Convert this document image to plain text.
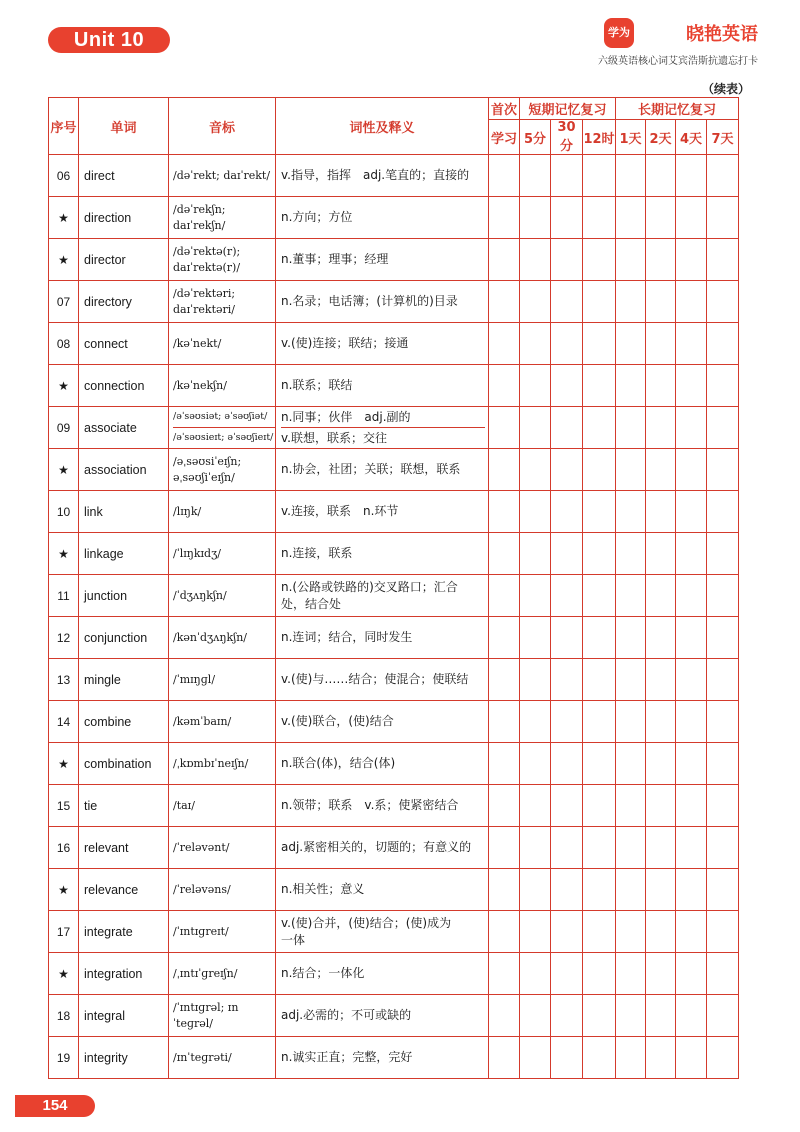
Unit 10	学为	晓艳英语
六级英语核心词艾宾浩斯抗遗忘打卡
（续表）
序号	单词	音标	词性及释义	首次	短期记忆复习			长期记忆复习			
				学习	5分	30分	12时	1天	2天	4天	7天
06	direct	/dəˈrekt; daɪˈrekt/	v.指导，指挥　adj.笔直的；直接的								

★	direction	/dəˈrekʃn;
daɪˈrekʃn/	n.方向；方位								

★	director	/dəˈrektə(r);
daɪˈrektə(r)/	n.董事；理事；经理								

07	directory	/dəˈrektəri;
daɪˈrektəri/	n.名录；电话簿；(计算机的)目录								

08	connect	/kəˈnekt/	v.(使)连接；联结；接通								

★	connection	/kəˈnekʃn/	n.联系；联结								

09	associate	/əˈsəʊsiət; əˈsəʊʃiət/
/əˈsəʊsieɪt; əˈsəʊʃieɪt/	n.同事；伙伴　adj.副的
v.联想，联系；交往								

★	association	/əˌsəʊsiˈeɪʃn;
əˌsəʊʃiˈeɪʃn/	n.协会，社团；关联；联想，联系								

10	link	/lɪŋk/	v.连接，联系　n.环节								

★	linkage	/ˈlɪŋkɪdʒ/	n.连接，联系								

11	junction	/ˈdʒʌŋkʃn/	n.(公路或铁路的)交叉路口；汇合
处，结合处								

12	conjunction	/kənˈdʒʌŋkʃn/	n.连词；结合，同时发生								

13	mingle	/ˈmɪŋɡl/	v.(使)与……结合；使混合；使联结								

14	combine	/kəmˈbaɪn/	v.(使)联合，(使)结合								

★	combination	/ˌkɒmbɪˈneɪʃn/	n.联合(体)，结合(体)								

15	tie	/taɪ/	n.领带；联系　v.系；使紧密结合								

16	relevant	/ˈreləvənt/	adj.紧密相关的，切题的；有意义的								

★	relevance	/ˈreləvəns/	n.相关性；意义								

17	integrate	/ˈɪntɪɡreɪt/	v.(使)合并，(使)结合；(使)成为
一体								

★	integration	/ˌɪntɪˈɡreɪʃn/	n.结合；一体化								

18	integral	/ˈɪntɪɡrəl; ɪnˈteɡrəl/	adj.必需的；不可或缺的								

19	integrity	/ɪnˈteɡrəti/	n.诚实正直；完整，完好								

154
